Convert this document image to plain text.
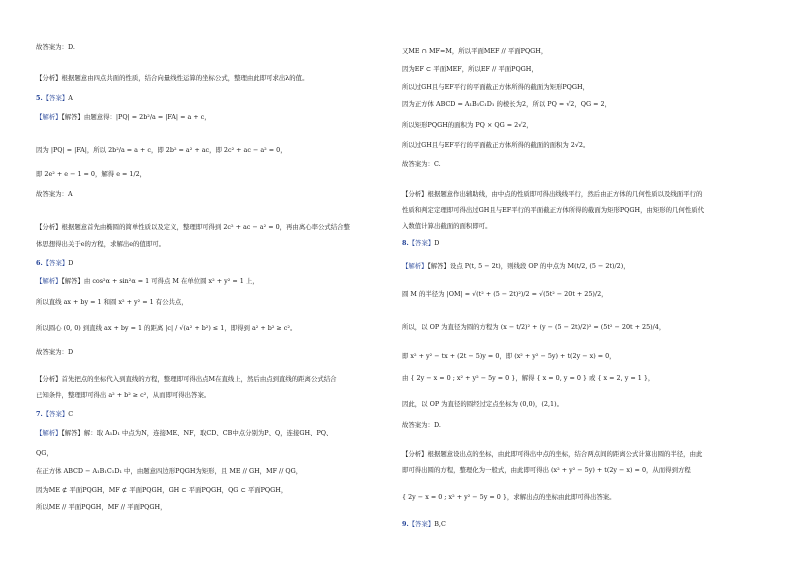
故答案为：D.
【分析】根据题意由四点共面的性质，结合向量线性运算的坐标公式，整理由此即可求出λ的值。
5.【答案】A
【解析】【解答】由题意得：|PQ| = 2b²/a = |FA| = a + c，
因为 |PQ| = |FA|，所以 2b²/a = a + c，即 2b² = a² + ac，即 2c² + ac − a² = 0，
即 2e² + e − 1 = 0，解得 e = 1/2，
故答案为：A
【分析】根据题意首先由椭圆的简单性质以及定义，整理即可得到 2c² + ac − a² = 0，再由离心率公式结合整
体思想得出关于e的方程，求解出e的值即可。
6.【答案】D
【解析】【解答】由 cos²α + sin²α = 1 可得点 M 在单位圆 x² + y² = 1 上，
所以直线 ax + by = 1 和圆 x² + y² = 1 有公共点，
所以圆心 (0, 0) 到直线 ax + by = 1 的距离 |c| / √(a² + b²) ≤ 1，即得到 a² + b² ≥ c²。
故答案为：D
【分析】首先把点的坐标代入到直线的方程，整理即可得出点M在直线上，然后由点到直线的距离公式结合
已知条件，整理即可得出 a² + b² ≥ c²，从而即可得出答案。
7.【答案】C
【解析】【解答】解：取 A₁D₁ 中点为N，连接ME、NF，取CD、CB中点分别为P、Q，连接GH、PQ、
QG，
在正方体 ABCD − A₁B₁C₁D₁ 中，由题意四边形PQGH为矩形，且 ME // GH，MF // QG，
因为ME ⊄ 平面PQGH，MF ⊄ 平面PQGH，GH ⊂ 平面PQGH，QG ⊂ 平面PQGH，
所以ME // 平面PQGH，MF // 平面PQGH，
又ME ∩ MF=M，所以平面MEF // 平面PQGH，
因为EF ⊂ 平面MEF，所以EF // 平面PQGH，
所以过GH且与EF平行的平面截正方体所得的截面为矩形PQGH，
因为正方体 ABCD = A₁B₁C₁D₁ 的棱长为2，所以 PQ = √2，QG = 2，
所以矩形PQGH的面积为 PQ × QG = 2√2，
所以过GH且与EF平行的平面截正方体所得的截面的面积为 2√2。
故答案为：C.
【分析】根据题意作出辅助线，由中点的性质即可得出线线平行，然后由正方体的几何性质以及线面平行的
性质和判定定理即可得出过GH且与EF平行的平面截正方体所得的截面为矩形PQGH，由矩形的几何性质代
入数值计算出截面的面积即可。
8.【答案】D
【解析】【解答】设点 P(t, 5 − 2t)，则线段 OP 的中点为 M(t/2, (5 − 2t)/2)，
圆 M 的半径为 |OM| = √(t² + (5 − 2t)²)/2 = √(5t² − 20t + 25)/2，
所以，以 OP 为直径为圆的方程为 (x − t/2)² + (y − (5 − 2t)/2)² = (5t² − 20t + 25)/4，
即 x² + y² − tx + (2t − 5)y = 0，即 (x² + y² − 5y) + t(2y − x) = 0，
由 { 2y − x = 0 ; x² + y² − 5y = 0 }，解得 { x = 0, y = 0 } 或 { x = 2, y = 1 }，
因此，以 OP 为直径的圆经过定点坐标为 (0,0)，(2,1)。
故答案为：D.
【分析】根据题意设出点的坐标，由此即可得出中点的坐标，结合两点间的距离公式计算出圆的半径，由此
即可得出圆的方程，整理化为一般式，由此即可得出 (x² + y² − 5y) + t(2y − x) = 0，从而得到方程
{ 2y − x = 0 ; x² + y² − 5y = 0 }，求解出点的坐标由此即可得出答案。
9.【答案】B,C
